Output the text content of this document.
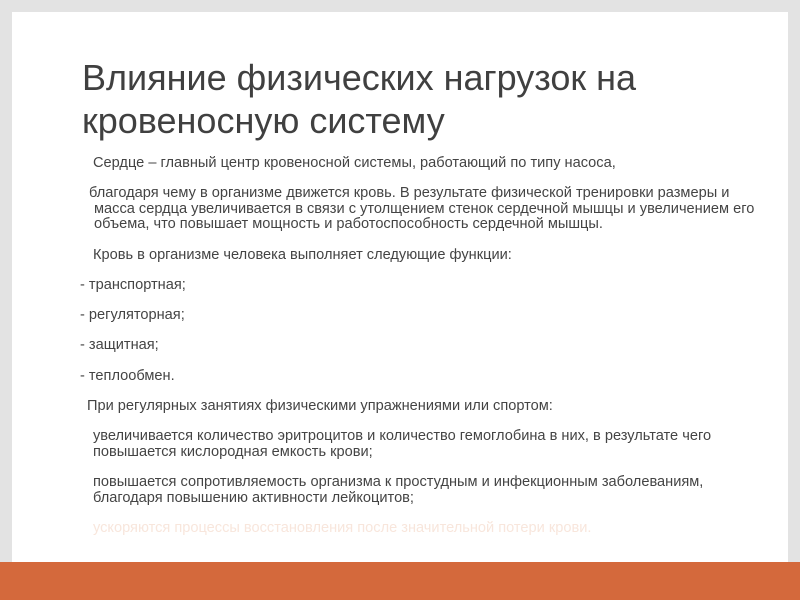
Влияние физических нагрузок на кровеносную систему

Сердце – главный центр кровеносной системы, работающий по типу насоса,

благодаря чему в организме движется кровь. В результате физической тренировки размеры и масса сердца увеличивается в связи с утолщением стенок сердечной мышцы и увеличением его объема, что повышает мощность и работоспособность сердечной мышцы.

Кровь в организме человека выполняет следующие функции:

- транспортная;

- регуляторная;

- защитная;

- теплообмен.

При регулярных занятиях физическими упражнениями или спортом:

увеличивается количество эритроцитов и количество гемоглобина в них, в результате чего повышается кислородная емкость крови;

повышается сопротивляемость организма к простудным и инфекционным заболеваниям, благодаря повышению активности лейкоцитов;

ускоряются процессы восстановления после значительной потери крови.
